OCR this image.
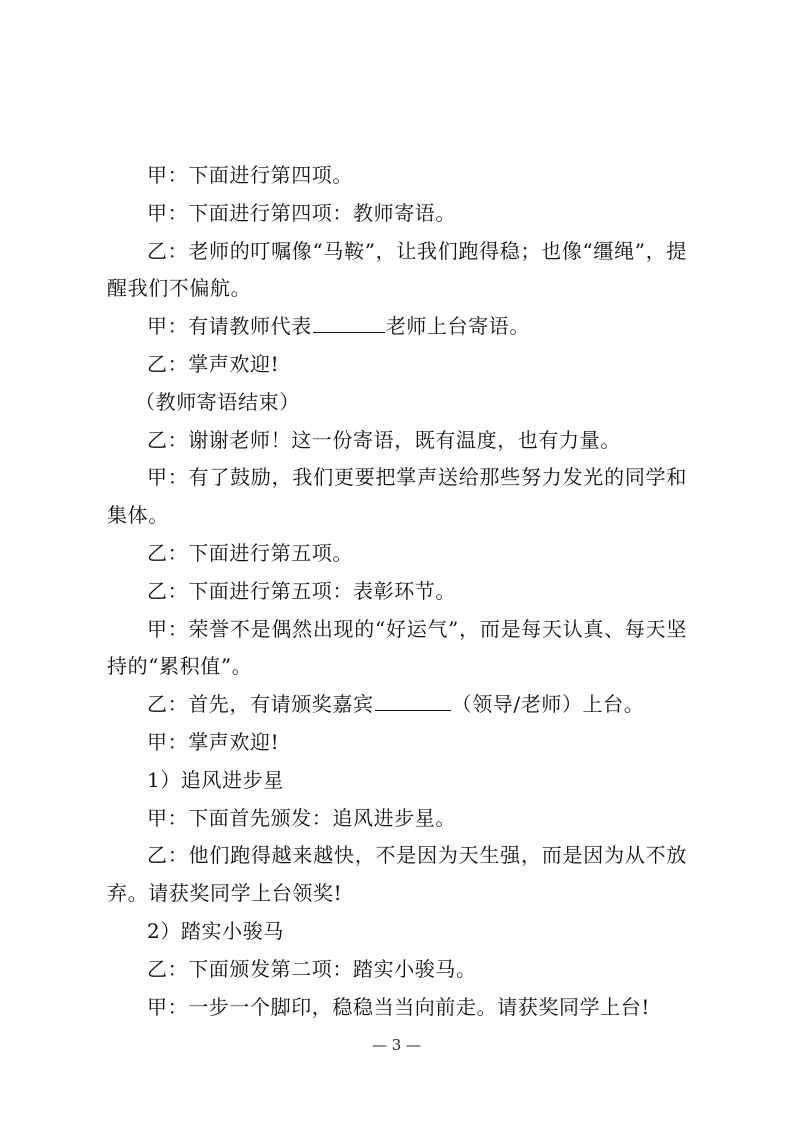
甲：下面进行第四项。

甲：下面进行第四项：教师寄语。

乙：老师的叮嘱像“马鞍”，让我们跑得稳；也像“缰绳”，提醒我们不偏航。

甲：有请教师代表	老师上台寄语。

乙：掌声欢迎!

（教师寄语结束）

乙：谢谢老师！这一份寄语，既有温度，也有力量。

甲：有了鼓励，我们更要把掌声送给那些努力发光的同学和集体。

乙：下面进行第五项。

乙：下面进行第五项：表彰环节。

甲：荣誉不是偶然出现的“好运气”，而是每天认真、每天坚持的“累积值”。

乙：首先，有请颁奖嘉宾	（领导/老师）上台。

甲：掌声欢迎!

1）追风进步星

甲：下面首先颁发：追风进步星。

乙：他们跑得越来越快，不是因为天生强，而是因为从不放弃。请获奖同学上台领奖!

2）踏实小骏马

乙：下面颁发第二项：踏实小骏马。

甲：一步一个脚印，稳稳当当向前走。请获奖同学上台!

— 3 —
